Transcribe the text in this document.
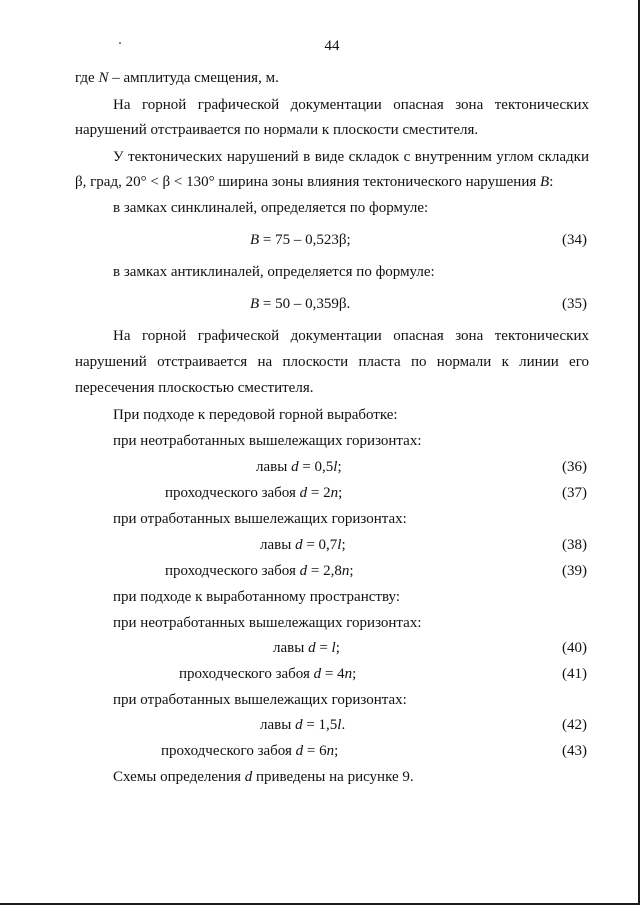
44

где N – амплитуда смещения, м.

На горной графической документации опасная зона тектонических

нарушений отстраивается по нормали к плоскости сместителя.

У тектонических нарушений в виде складок с внутренним углом складки

β, град, 20° < β < 130° ширина зоны влияния тектонического нарушения B:

в замках синклиналей, определяется по формуле:

B = 75 – 0,523β;	(34)

в замках антиклиналей, определяется по формуле:

B = 50 – 0,359β.	(35)

На горной графической документации опасная зона тектонических

нарушений отстраивается на плоскости пласта по нормали к линии его

пересечения плоскостью сместителя.

При подходе к передовой горной выработке:

при неотработанных вышележащих горизонтах:

лавы d = 0,5l;	(36)

проходческого забоя d = 2n;	(37)

при отработанных вышележащих горизонтах:

лавы d = 0,7l;	(38)

проходческого забоя d = 2,8n;	(39)

при подходе к выработанному пространству:

при неотработанных вышележащих горизонтах:

лавы d = l;	(40)

проходческого забоя d = 4n;	(41)

при отработанных вышележащих горизонтах:

лавы d = 1,5l.	(42)

проходческого забоя d = 6n;	(43)

Схемы определения d приведены на рисунке 9.
